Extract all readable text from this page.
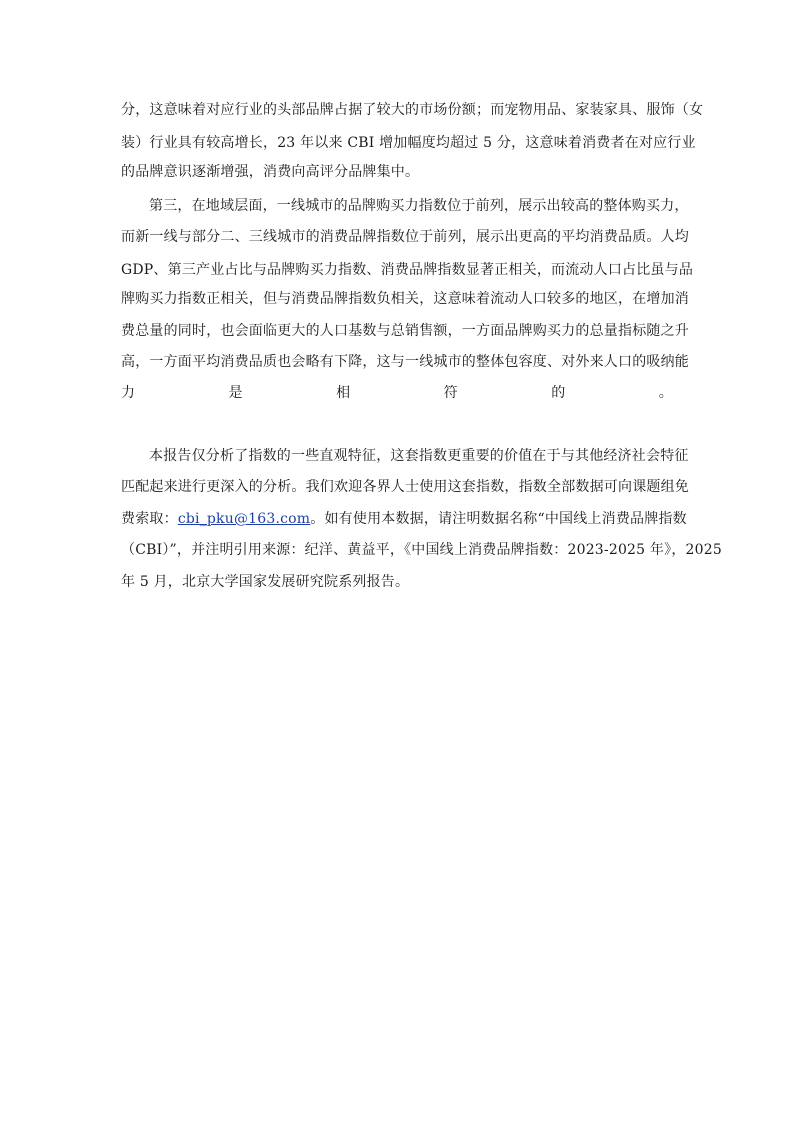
分，这意味着对应行业的头部品牌占据了较大的市场份额；而宠物用品、家装家具、服饰（女
装）行业具有较高增长，23 年以来 CBI 增加幅度均超过 5 分，这意味着消费者在对应行业
的品牌意识逐渐增强，消费向高评分品牌集中。
第三，在地域层面，一线城市的品牌购买力指数位于前列，展示出较高的整体购买力，
而新一线与部分二、三线城市的消费品牌指数位于前列，展示出更高的平均消费品质。人均
GDP、第三产业占比与品牌购买力指数、消费品牌指数显著正相关，而流动人口占比虽与品
牌购买力指数正相关，但与消费品牌指数负相关，这意味着流动人口较多的地区，在增加消
费总量的同时，也会面临更大的人口基数与总销售额，一方面品牌购买力的总量指标随之升
高，一方面平均消费品质也会略有下降，这与一线城市的整体包容度、对外来人口的吸纳能
力是相符的。
本报告仅分析了指数的一些直观特征，这套指数更重要的价值在于与其他经济社会特征
匹配起来进行更深入的分析。我们欢迎各界人士使用这套指数，指数全部数据可向课题组免
费索取：cbi_pku@163.com。如有使用本数据，请注明数据名称“中国线上消费品牌指数
（CBI）”，并注明引用来源：纪洋、黄益平，《中国线上消费品牌指数：2023-2025 年》，2025
年 5 月，北京大学国家发展研究院系列报告。
